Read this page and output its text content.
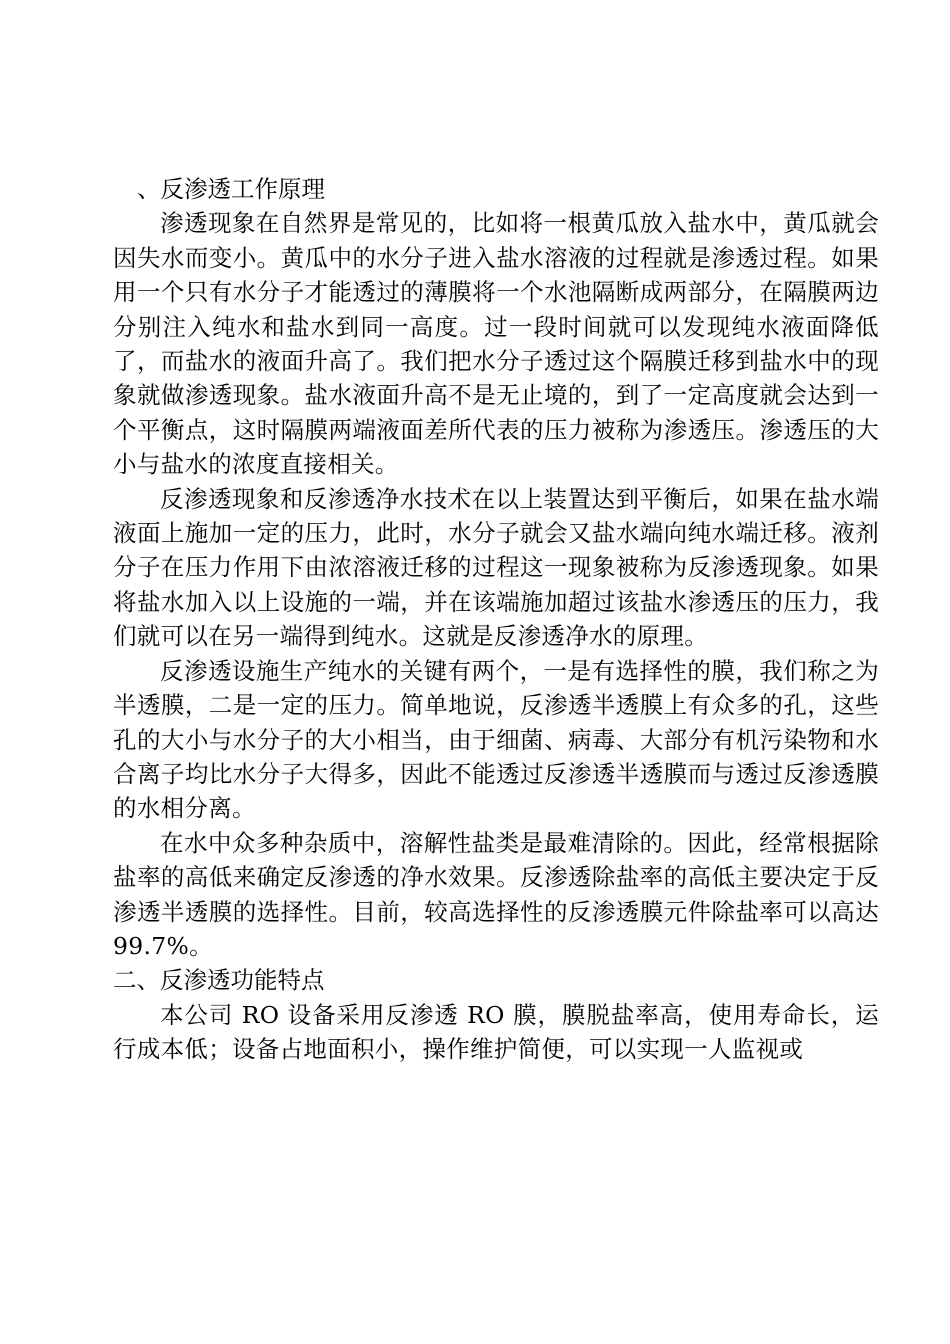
、反渗透工作原理

渗透现象在自然界是常见的，比如将一根黄瓜放入盐水中，黄瓜就会因失水而变小。黄瓜中的水分子进入盐水溶液的过程就是渗透过程。如果用一个只有水分子才能透过的薄膜将一个水池隔断成两部分，在隔膜两边分别注入纯水和盐水到同一高度。过一段时间就可以发现纯水液面降低了，而盐水的液面升高了。我们把水分子透过这个隔膜迁移到盐水中的现象就做渗透现象。盐水液面升高不是无止境的，到了一定高度就会达到一个平衡点，这时隔膜两端液面差所代表的压力被称为渗透压。渗透压的大小与盐水的浓度直接相关。

反渗透现象和反渗透净水技术在以上装置达到平衡后，如果在盐水端液面上施加一定的压力，此时，水分子就会又盐水端向纯水端迁移。液剂分子在压力作用下由浓溶液迁移的过程这一现象被称为反渗透现象。如果将盐水加入以上设施的一端，并在该端施加超过该盐水渗透压的压力，我们就可以在另一端得到纯水。这就是反渗透净水的原理。

反渗透设施生产纯水的关键有两个，一是有选择性的膜，我们称之为半透膜，二是一定的压力。简单地说，反渗透半透膜上有众多的孔，这些孔的大小与水分子的大小相当，由于细菌、病毒、大部分有机污染物和水合离子均比水分子大得多，因此不能透过反渗透半透膜而与透过反渗透膜的水相分离。

在水中众多种杂质中，溶解性盐类是最难清除的。因此，经常根据除盐率的高低来确定反渗透的净水效果。反渗透除盐率的高低主要决定于反渗透半透膜的选择性。目前，较高选择性的反渗透膜元件除盐率可以高达 99.7%。

二、反渗透功能特点

本公司 RO 设备采用反渗透 RO 膜，膜脱盐率高，使用寿命长，运行成本低；设备占地面积小，操作维护简便，可以实现一人监视或
